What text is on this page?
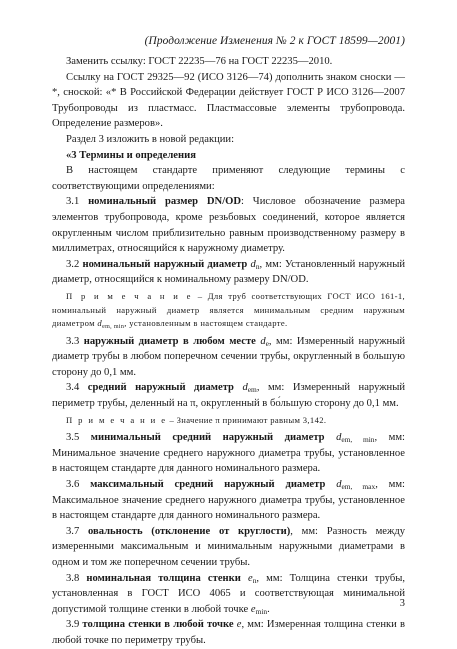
(Продолжение Изменения № 2 к ГОСТ 18599—2001)

Заменить ссылку: ГОСТ 22235—76 на ГОСТ 22235—2010.

Ссылку на ГОСТ 29325—92 (ИСО 3126—74) дополнить знаком сноски — *, сноской: «* В Российской Федерации действует ГОСТ Р ИСО 3126—2007 Трубопроводы из пластмасс. Пластмассовые элементы трубопровода. Определение размеров».

Раздел 3 изложить в новой редакции:

«3 Термины и определения

В настоящем стандарте применяют следующие термины с соответствующими определениями:

3.1 номинальный размер DN/OD: Числовое обозначение размера элементов трубопровода, кроме резьбовых соединений, которое является округленным числом приблизительно равным производственному размеру в миллиметрах, относящийся к наружному диаметру.

3.2 номинальный наружный диаметр $d_n$, мм: Установленный наружный диаметр, относящийся к номинальному размеру DN/OD.

П р и м е ч а н и е – Для труб соответствующих ГОСТ ИСО 161-1, номинальный наружный диаметр является минимальным средним наружным диаметром $d_{em, min}$, установленным в настоящем стандарте.

3.3 наружный диаметр в любом месте $d_e$, мм: Измеренный наружный диаметр трубы в любом поперечном сечении трубы, округленный в большую сторону до 0,1 мм.

3.4 средний наружный диаметр $d_{em}$, мм: Измеренный наружный периметр трубы, деленный на π, округленный в бо́льшую сторону до 0,1 мм.

П р и м е ч а н и е – Значение π принимают равным 3,142.

3.5 минимальный средний наружный диаметр $d_{em, min}$, мм: Минимальное значение среднего наружного диаметра трубы, установленное в настоящем стандарте для данного номинального размера.

3.6 максимальный средний наружный диаметр $d_{em, max}$, мм: Максимальное значение среднего наружного диаметра трубы, установленное в настоящем стандарте для данного номинального размера.

3.7 овальность (отклонение от круглости), мм: Разность между измеренными максимальным и минимальным наружными диаметрами в одном и том же поперечном сечении трубы.

3.8 номинальная толщина стенки $e_n$, мм: Толщина стенки трубы, установленная в ГОСТ ИСО 4065 и соответствующая минимальной допустимой толщине стенки в любой точке $e_{min}$.

3.9 толщина стенки в любой точке e, мм: Измеренная толщина стенки в любой точке по периметру трубы.

3
